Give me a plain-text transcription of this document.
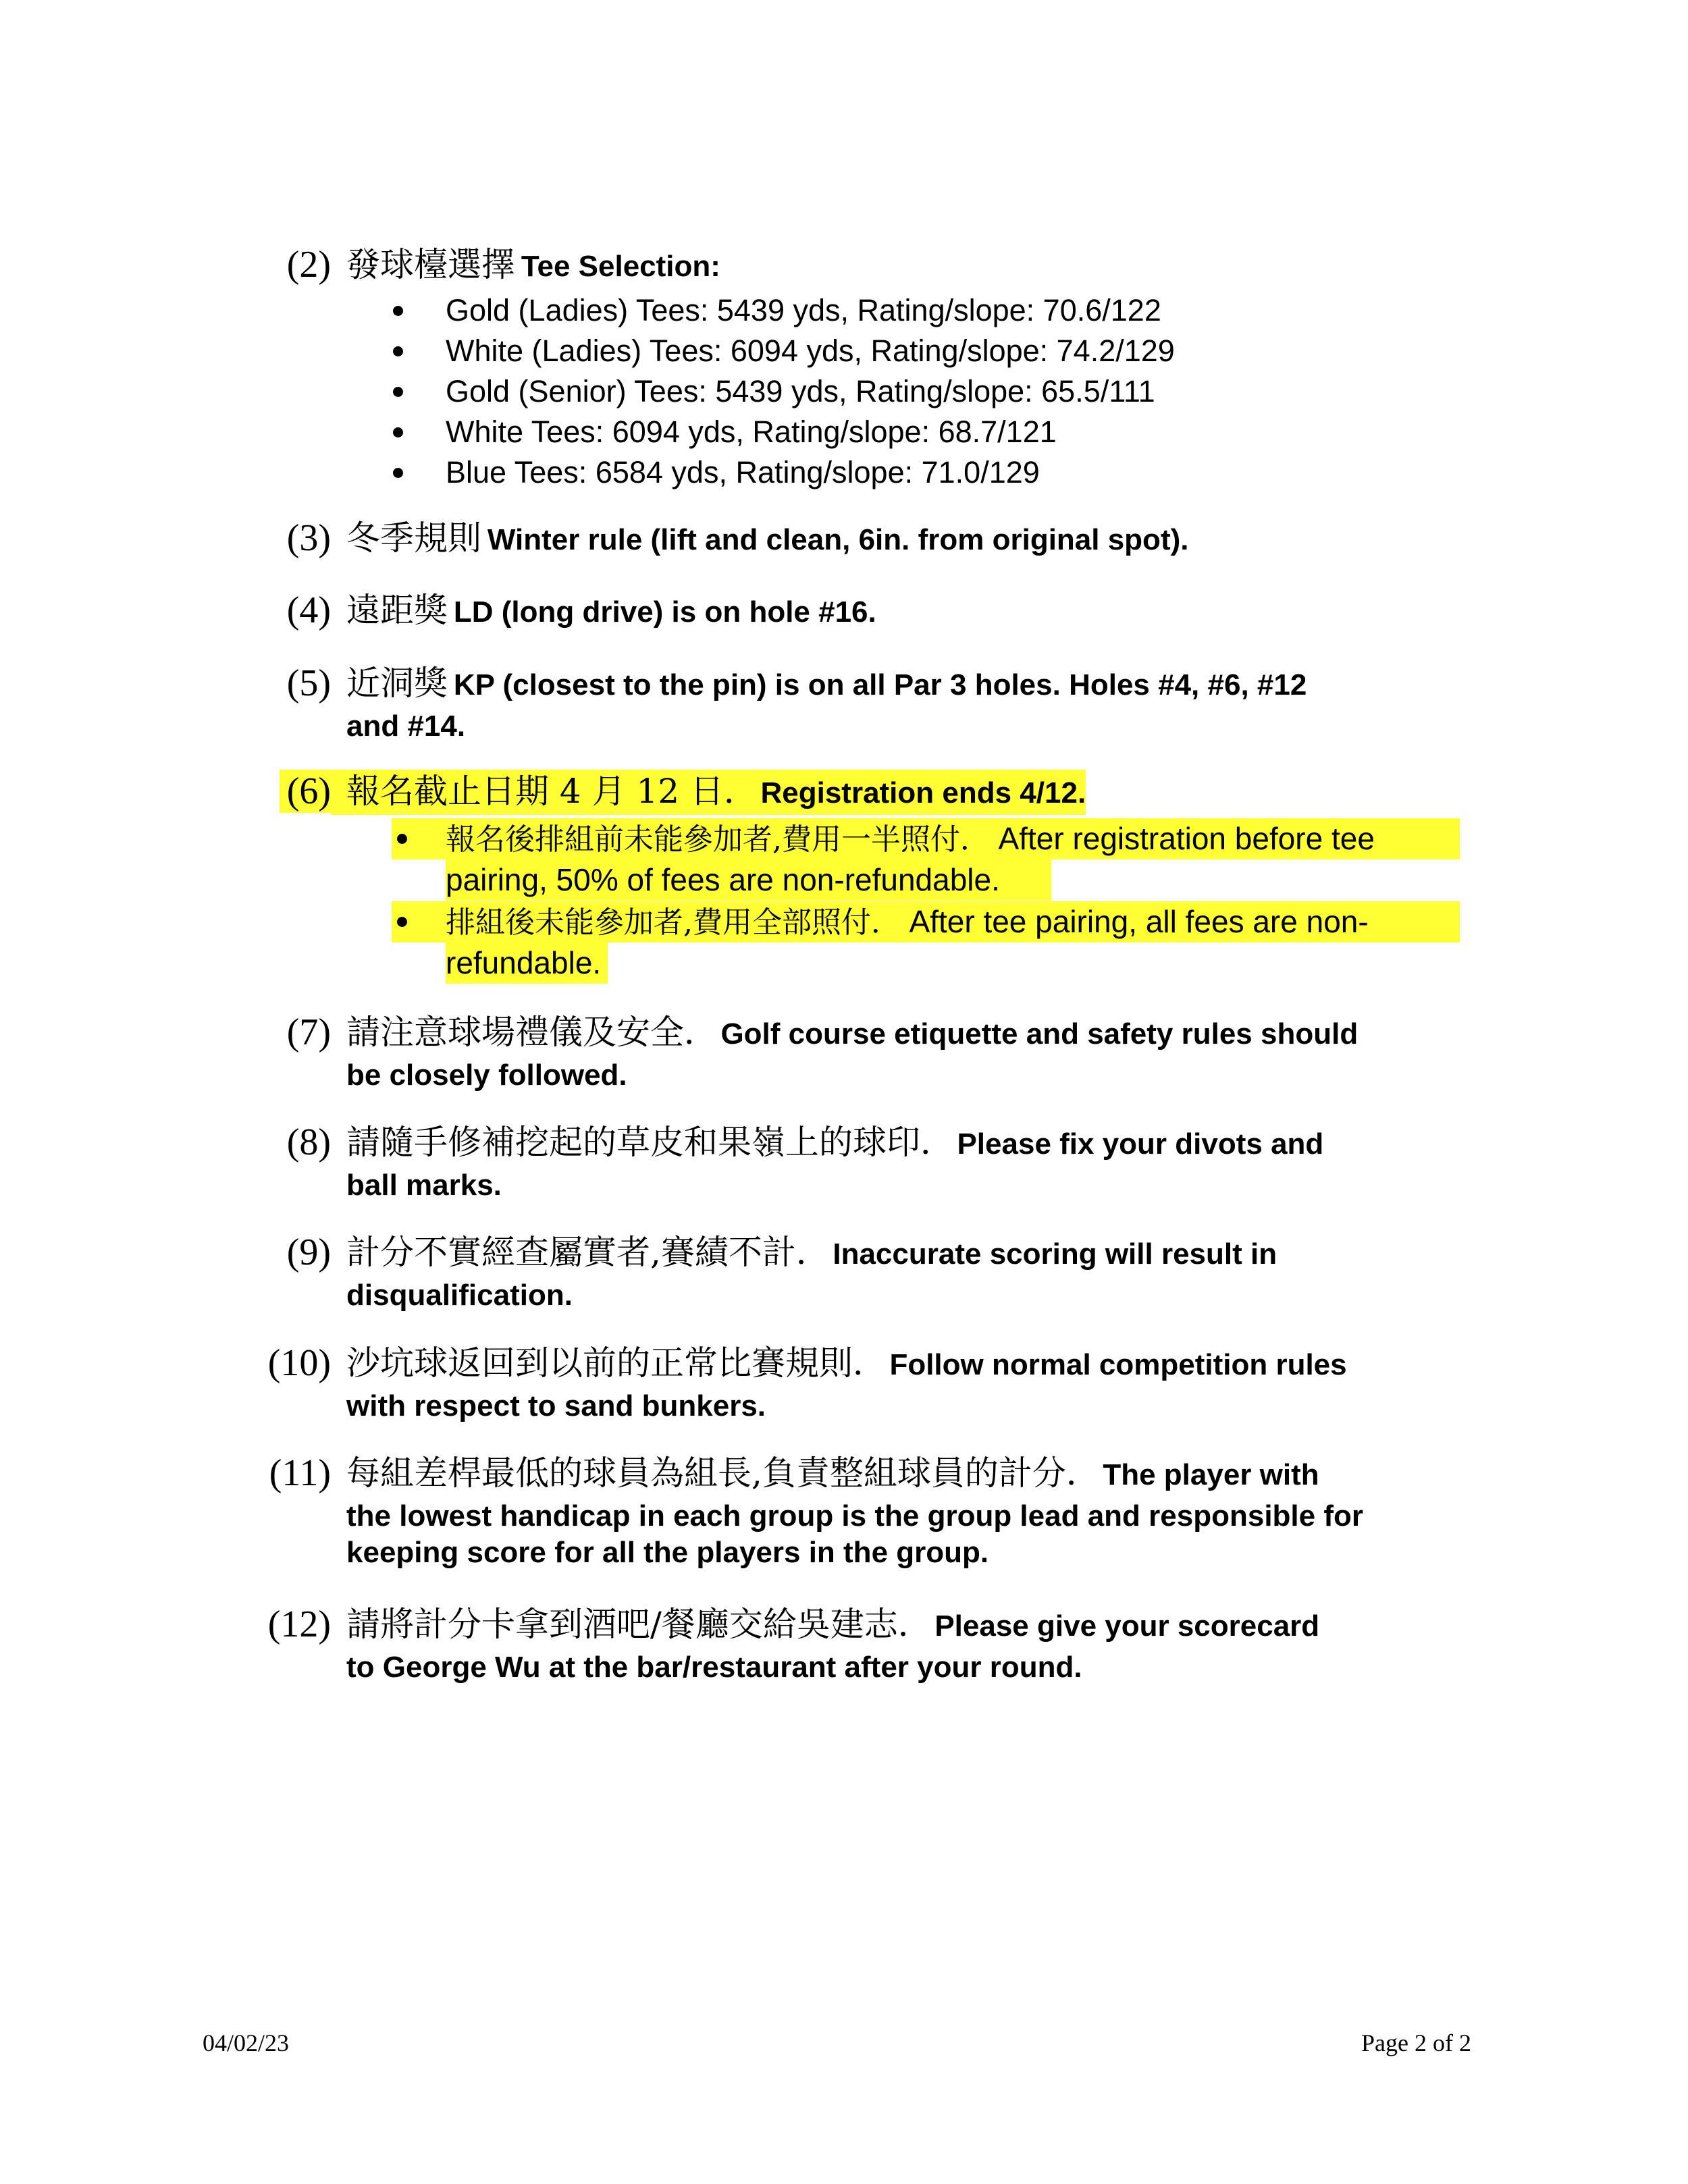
(2) 發球檯選擇 Tee Selection:
Gold (Ladies) Tees: 5439 yds, Rating/slope: 70.6/122
White (Ladies) Tees: 6094 yds, Rating/slope: 74.2/129
Gold (Senior) Tees: 5439 yds, Rating/slope: 65.5/111
White Tees: 6094 yds, Rating/slope: 68.7/121
Blue Tees: 6584 yds, Rating/slope: 71.0/129
(3) 冬季規則 Winter rule (lift and clean, 6in. from original spot).
(4) 遠距獎 LD (long drive) is on hole #16.
(5) 近洞獎 KP (closest to the pin) is on all Par 3 holes. Holes #4, #6, #12
and #14.
(6) 報名截止日期 4 月 12 日． Registration ends 4/12.
報名後排組前未能參加者,費用一半照付． After registration before tee
pairing, 50% of fees are non-refundable.
排組後未能參加者,費用全部照付． After tee pairing, all fees are non-
refundable.
(7) 請注意球場禮儀及安全． Golf course etiquette and safety rules should
be closely followed.
(8) 請隨手修補挖起的草皮和果嶺上的球印． Please fix your divots and
ball marks.
(9) 計分不實經查屬實者,賽績不計． Inaccurate scoring will result in
disqualification.
(10) 沙坑球返回到以前的正常比賽規則． Follow normal competition rules
with respect to sand bunkers.
(11) 每組差桿最低的球員為組長,負責整組球員的計分． The player with
the lowest handicap in each group is the group lead and responsible for
keeping score for all the players in the group.
(12) 請將計分卡拿到酒吧/餐廳交給吳建志． Please give your scorecard
to George Wu at the bar/restaurant after your round.
04/02/23	Page 2 of 2
